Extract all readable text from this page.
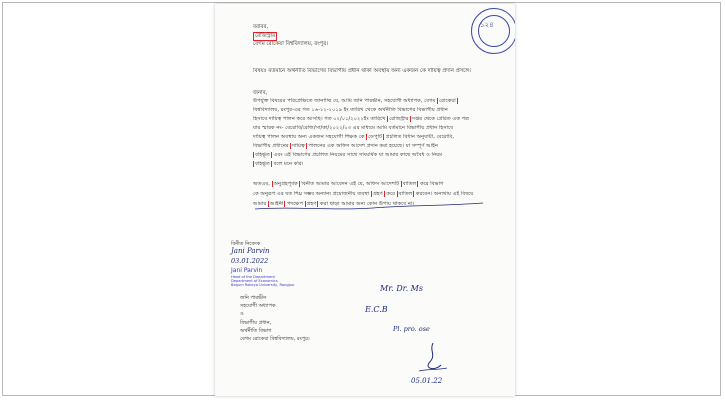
১২৪
বরাবর,
রেজিস্ট্রার
বেগম রোকেয়া বিশ্ববিদ্যালয়, রংপুর।
বিষয়ঃ বর্তমানে অর্থনীতি বিভাগের বিভাগীয় প্রধান থাকা অবস্থায় অন্য একজন কে দায়িত্ব প্রদান প্রসঙ্গে।
জনাব,
উপর্যুক্ত বিষয়ের পরিপ্রেক্ষিতে জানাচ্ছি যে, আমি জনি পারভীন, সহযোগী অধ্যাপক, বেগম রোকেয়া
বিশ্ববিদ্যালয়, রংপুর-এর গত ১৬-১২-২০১৯ ইং তারিখ থেকে অর্থনীতি বিভাগের বিভাগীয় প্রধান
হিসাবে দায়িত্ব পালন করে আসছি। গত ০২/০১/২০২২ইং তারিখে রেজিস্ট্রার দপ্তর থেকে প্রেরিত এক পত্র
যার স্মারক নং- বেরোবি/রেজি/সা/কা/২০২২/০৩ এর মাধ্যমে আমি বর্তমানে বিভাগীয় প্রধান হিসাবে
দায়িত্ব পালন অবস্থায় অন্য একজন সহযোগী শিক্ষক কে ডেপুটি প্রচলিত বিধান অনুযায়ী, বেরোবি,
বিভাগীয় প্রধানের দায়িত্ব পালনের এক অফিস আদেশ প্রদান করা হয়েছে। যা সম্পূর্ণ আইন
বহির্ভূত এবং এই বিভাগের প্রচলিত নিয়মের সাথে সাংঘর্ষিক যা আমার কাছে অবৈধ ও নিয়ম
বহির্ভূত বলে মনে করি।
অতএব, অনুগ্রহপূর্বক বিনীত আমার আবেদন এই যে, অফিস আদেশটি বাতিল করে বিভাগ
কে অনুরূপ এর যত শিঘ্র সম্ভব অন্যান্য প্রয়োজনীয় ব্যবস্থা গ্রহণ করে বাতিল করবেন। অন্যথায় এই বিষয়ে
আমার আইনী পদক্ষেপ গ্রহণ করা ছাড়া আমার অন্য কোন উপায় থাকবে না।
বিনীত নিবেদক
Jani Parvin
03.01.2022
Jani Parvin
Head of the Department
Department of Economics
Begum Rokeya University, Rangpur
জনি পারভীন
সহযোগী অধ্যাপক
ও
বিভাগীয় প্রধান,
অর্থনীতি বিভাগ
বেগম রোকেয়া বিশ্ববিদ্যালয়, রংপুর।
Mr. Dr. Ms
E.C.B
Pl. pro. ose
05.01.22
